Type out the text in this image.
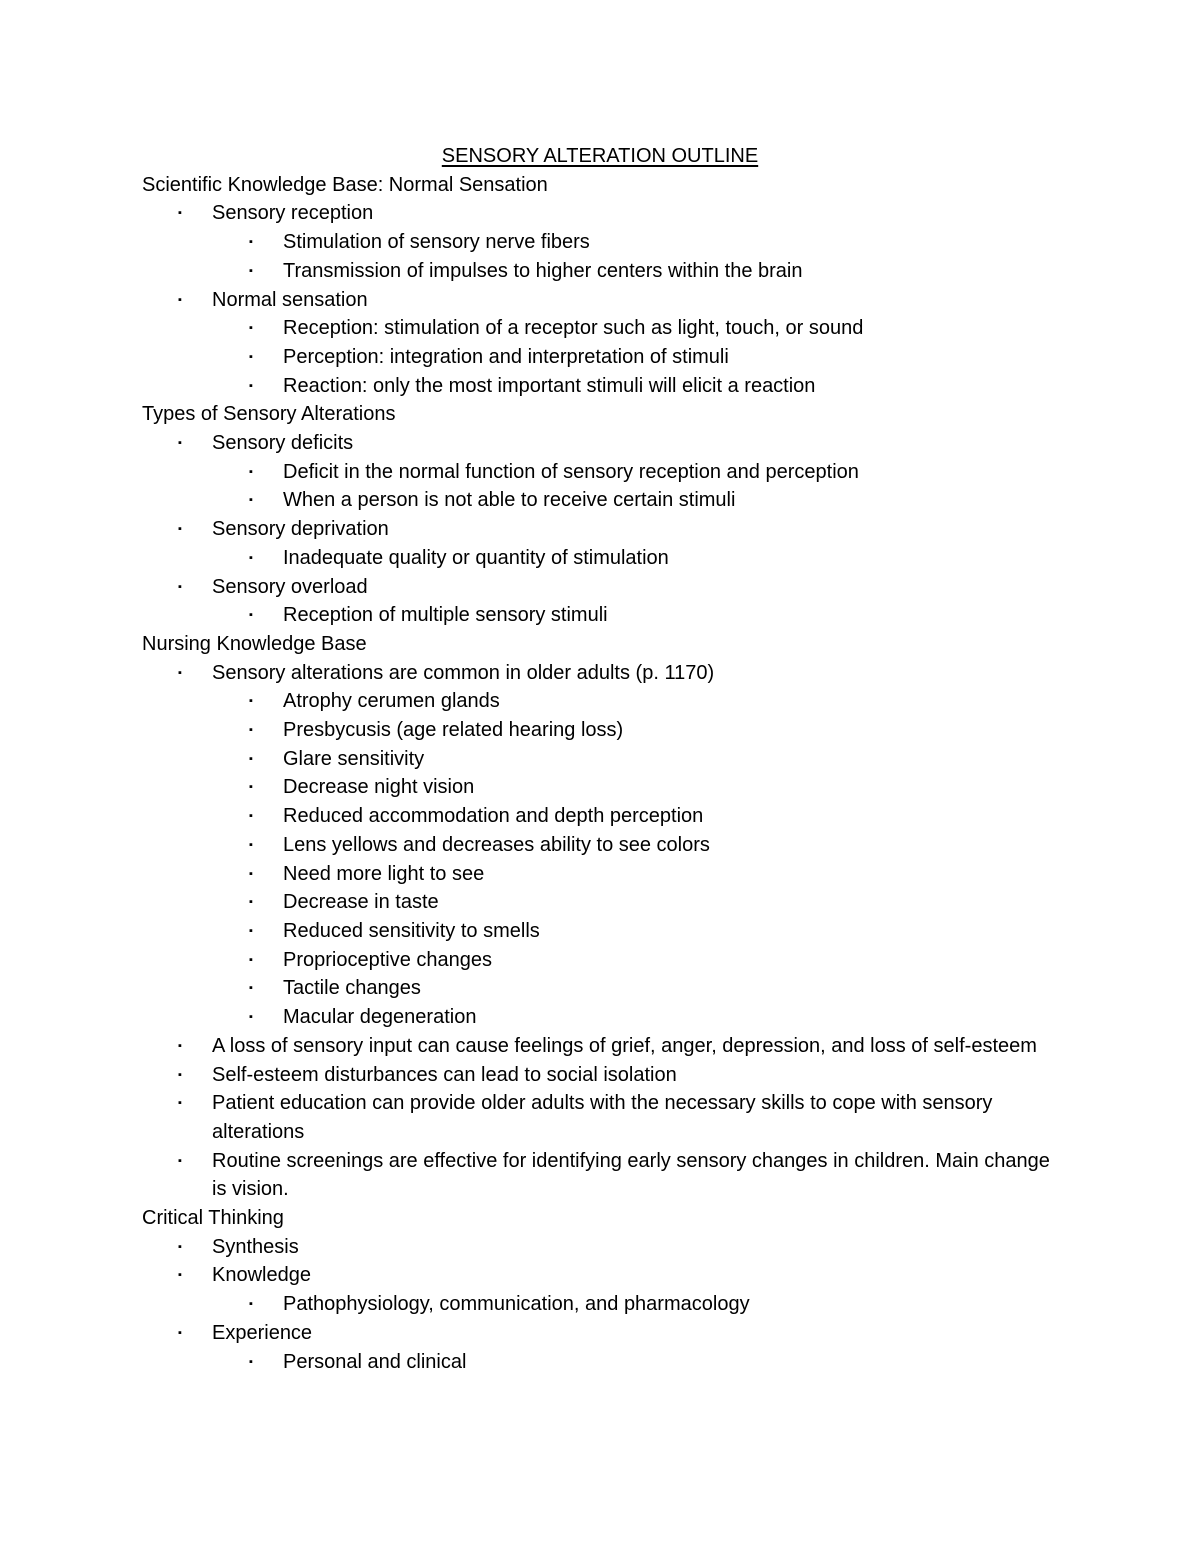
SENSORY ALTERATION OUTLINE
Scientific Knowledge Base: Normal Sensation
▪ Sensory reception
▪ Stimulation of sensory nerve fibers
▪ Transmission of impulses to higher centers within the brain
▪ Normal sensation
▪ Reception: stimulation of a receptor such as light, touch, or sound
▪ Perception: integration and interpretation of stimuli
▪ Reaction: only the most important stimuli will elicit a reaction
Types of Sensory Alterations
▪ Sensory deficits
▪ Deficit in the normal function of sensory reception and perception
▪ When a person is not able to receive certain stimuli
▪ Sensory deprivation
▪ Inadequate quality or quantity of stimulation
▪ Sensory overload
▪ Reception of multiple sensory stimuli
Nursing Knowledge Base
▪ Sensory alterations are common in older adults (p. 1170)
▪ Atrophy cerumen glands
▪ Presbycusis (age related hearing loss)
▪ Glare sensitivity
▪ Decrease night vision
▪ Reduced accommodation and depth perception
▪ Lens yellows and decreases ability to see colors
▪ Need more light to see
▪ Decrease in taste
▪ Reduced sensitivity to smells
▪ Proprioceptive changes
▪ Tactile changes
▪ Macular degeneration
▪ A loss of sensory input can cause feelings of grief, anger, depression, and loss of self-esteem
▪ Self-esteem disturbances can lead to social isolation
▪ Patient education can provide older adults with the necessary skills to cope with sensory alterations
▪ Routine screenings are effective for identifying early sensory changes in children. Main change is vision.
Critical Thinking
▪ Synthesis
▪ Knowledge
▪ Pathophysiology, communication, and pharmacology
▪ Experience
▪ Personal and clinical
